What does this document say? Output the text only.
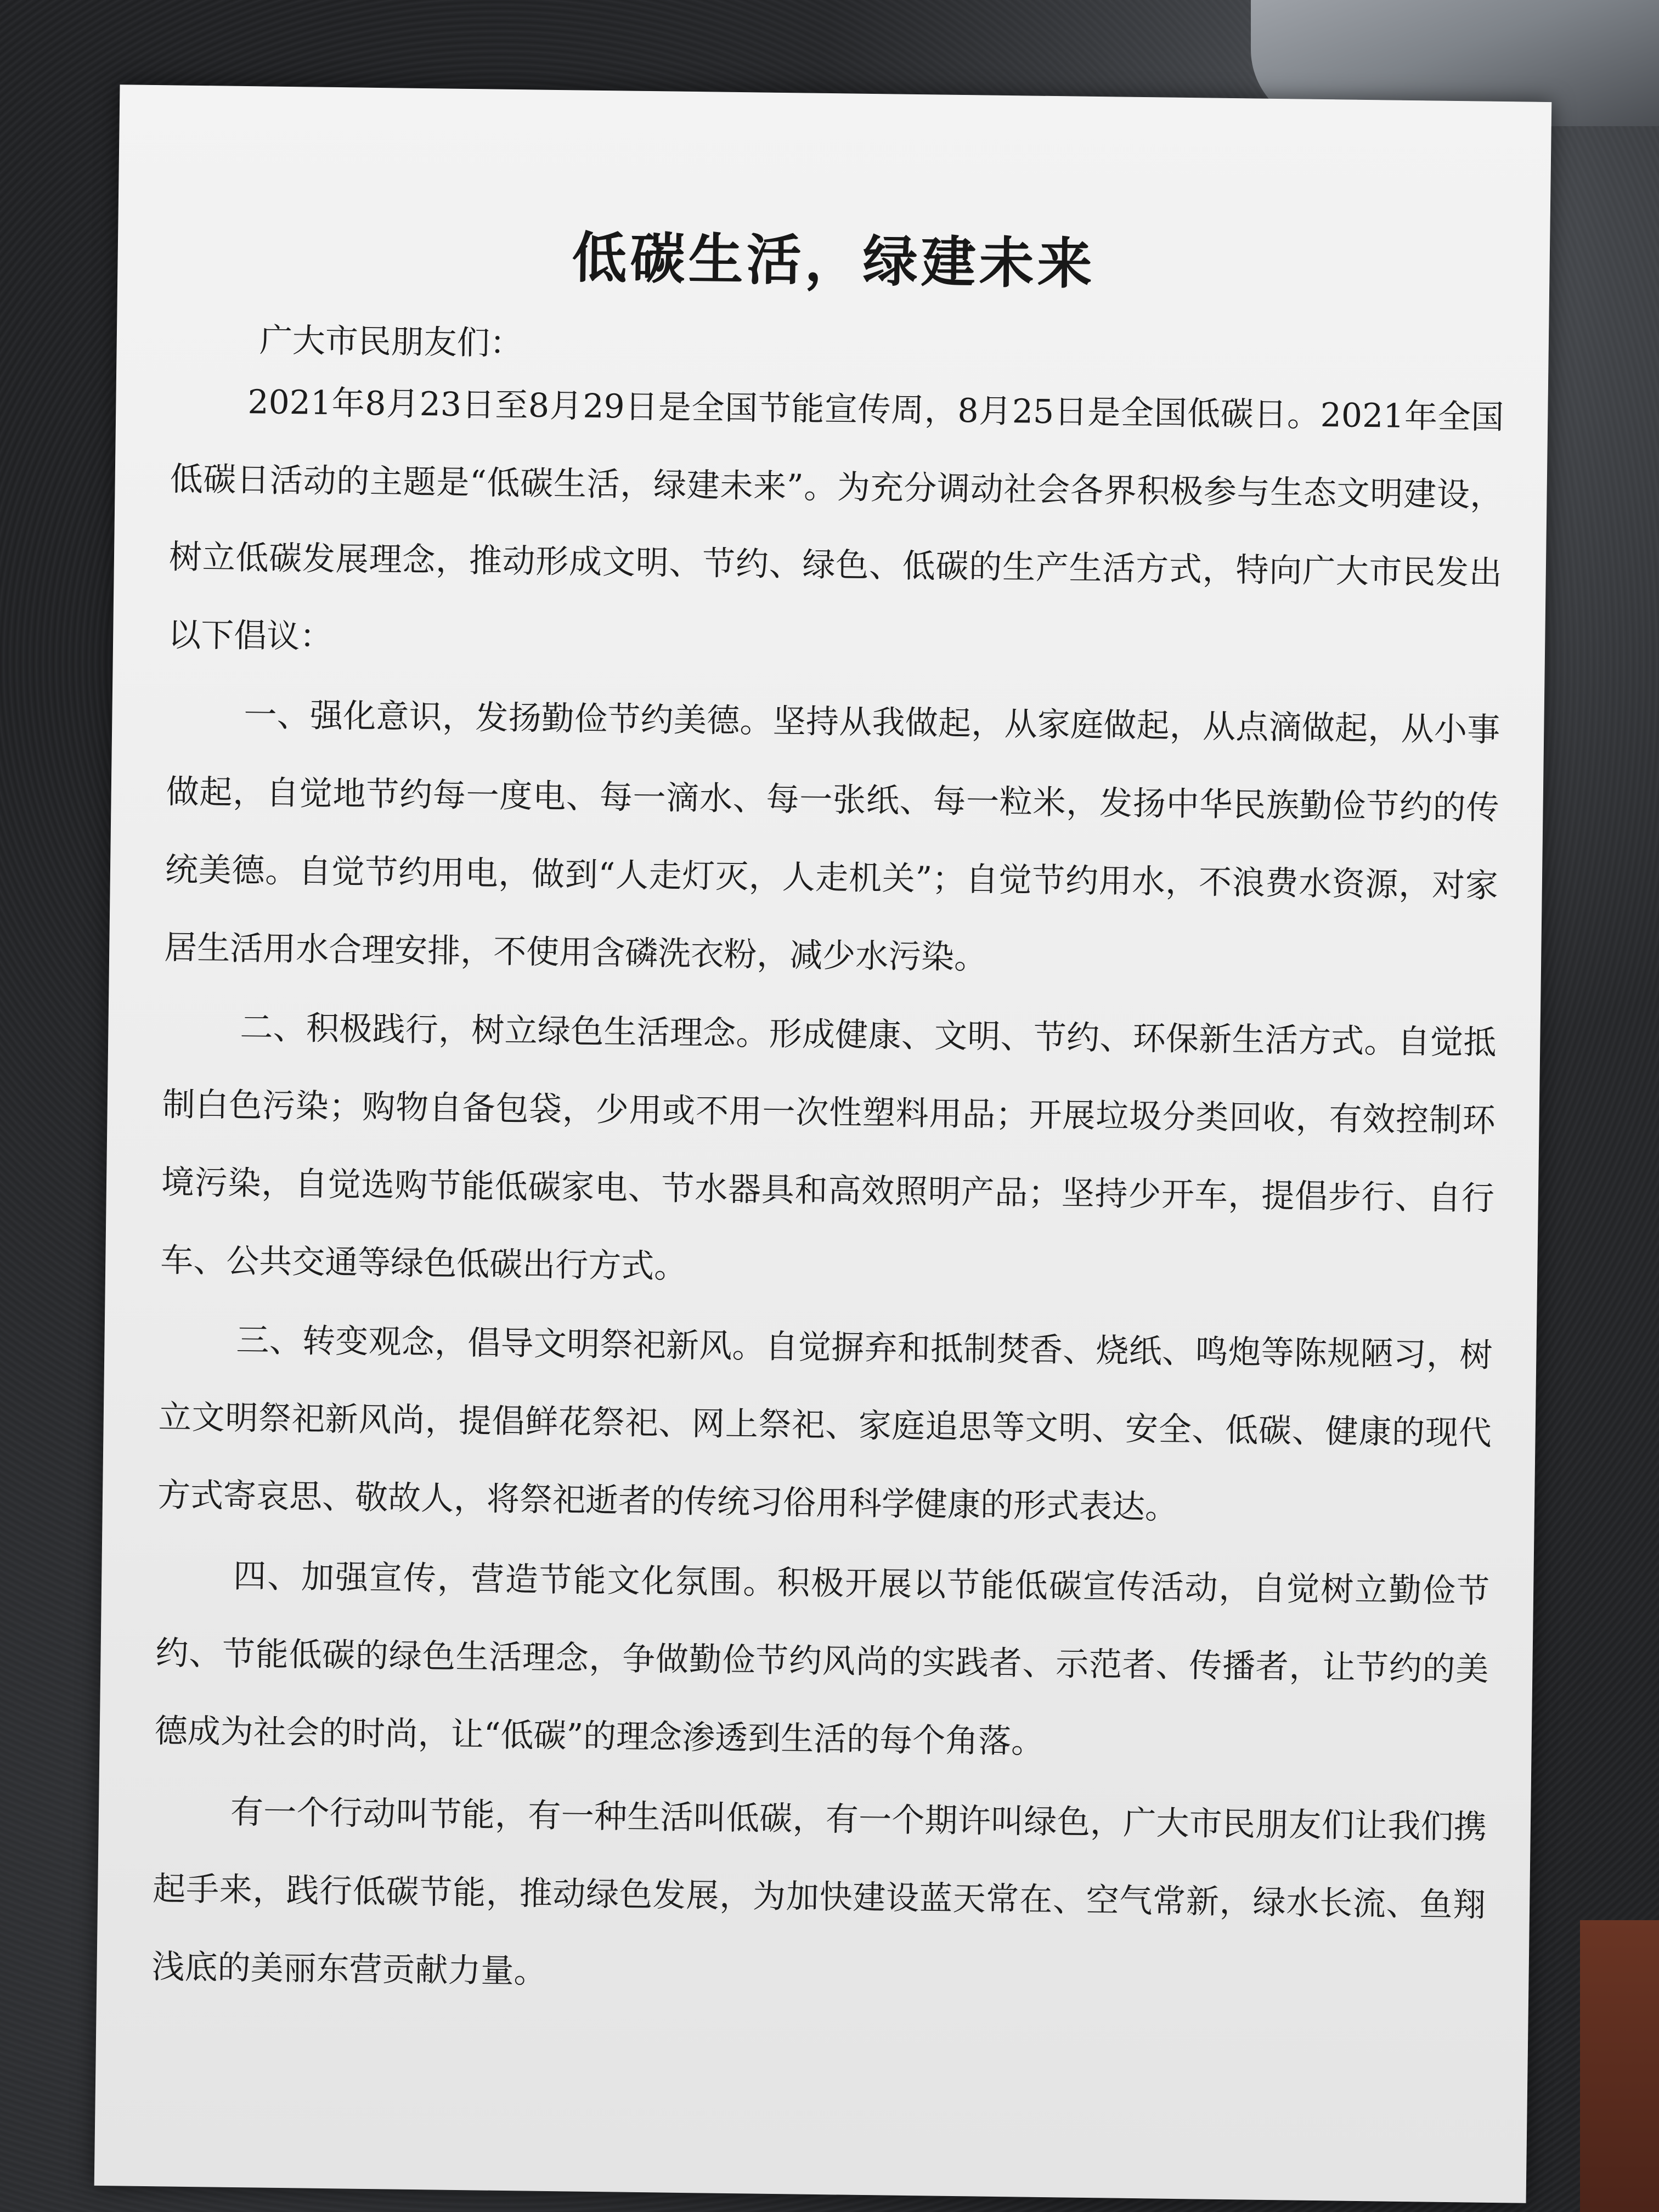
低碳生活，绿建未来
广大市民朋友们：

2021年8月23日至8月29日是全国节能宣传周，8月25日是全国低碳日。2021年全国低碳日活动的主题是“低碳生活，绿建未来”。为充分调动社会各界积极参与生态文明建设，树立低碳发展理念，推动形成文明、节约、绿色、低碳的生产生活方式，特向广大市民发出以下倡议：

一、强化意识，发扬勤俭节约美德。坚持从我做起，从家庭做起，从点滴做起，从小事做起，自觉地节约每一度电、每一滴水、每一张纸、每一粒米，发扬中华民族勤俭节约的传统美德。自觉节约用电，做到“人走灯灭，人走机关”；自觉节约用水，不浪费水资源，对家居生活用水合理安排，不使用含磷洗衣粉，减少水污染。

二、积极践行，树立绿色生活理念。形成健康、文明、节约、环保新生活方式。自觉抵制白色污染；购物自备包袋，少用或不用一次性塑料用品；开展垃圾分类回收，有效控制环境污染，自觉选购节能低碳家电、节水器具和高效照明产品；坚持少开车，提倡步行、自行车、公共交通等绿色低碳出行方式。

三、转变观念，倡导文明祭祀新风。自觉摒弃和抵制焚香、烧纸、鸣炮等陈规陋习，树立文明祭祀新风尚，提倡鲜花祭祀、网上祭祀、家庭追思等文明、安全、低碳、健康的现代方式寄哀思、敬故人，将祭祀逝者的传统习俗用科学健康的形式表达。

四、加强宣传，营造节能文化氛围。积极开展以节能低碳宣传活动，自觉树立勤俭节约、节能低碳的绿色生活理念，争做勤俭节约风尚的实践者、示范者、传播者，让节约的美德成为社会的时尚，让“低碳”的理念渗透到生活的每个角落。

有一个行动叫节能，有一种生活叫低碳，有一个期许叫绿色，广大市民朋友们让我们携起手来，践行低碳节能，推动绿色发展，为加快建设蓝天常在、空气常新，绿水长流、鱼翔浅底的美丽东营贡献力量。
